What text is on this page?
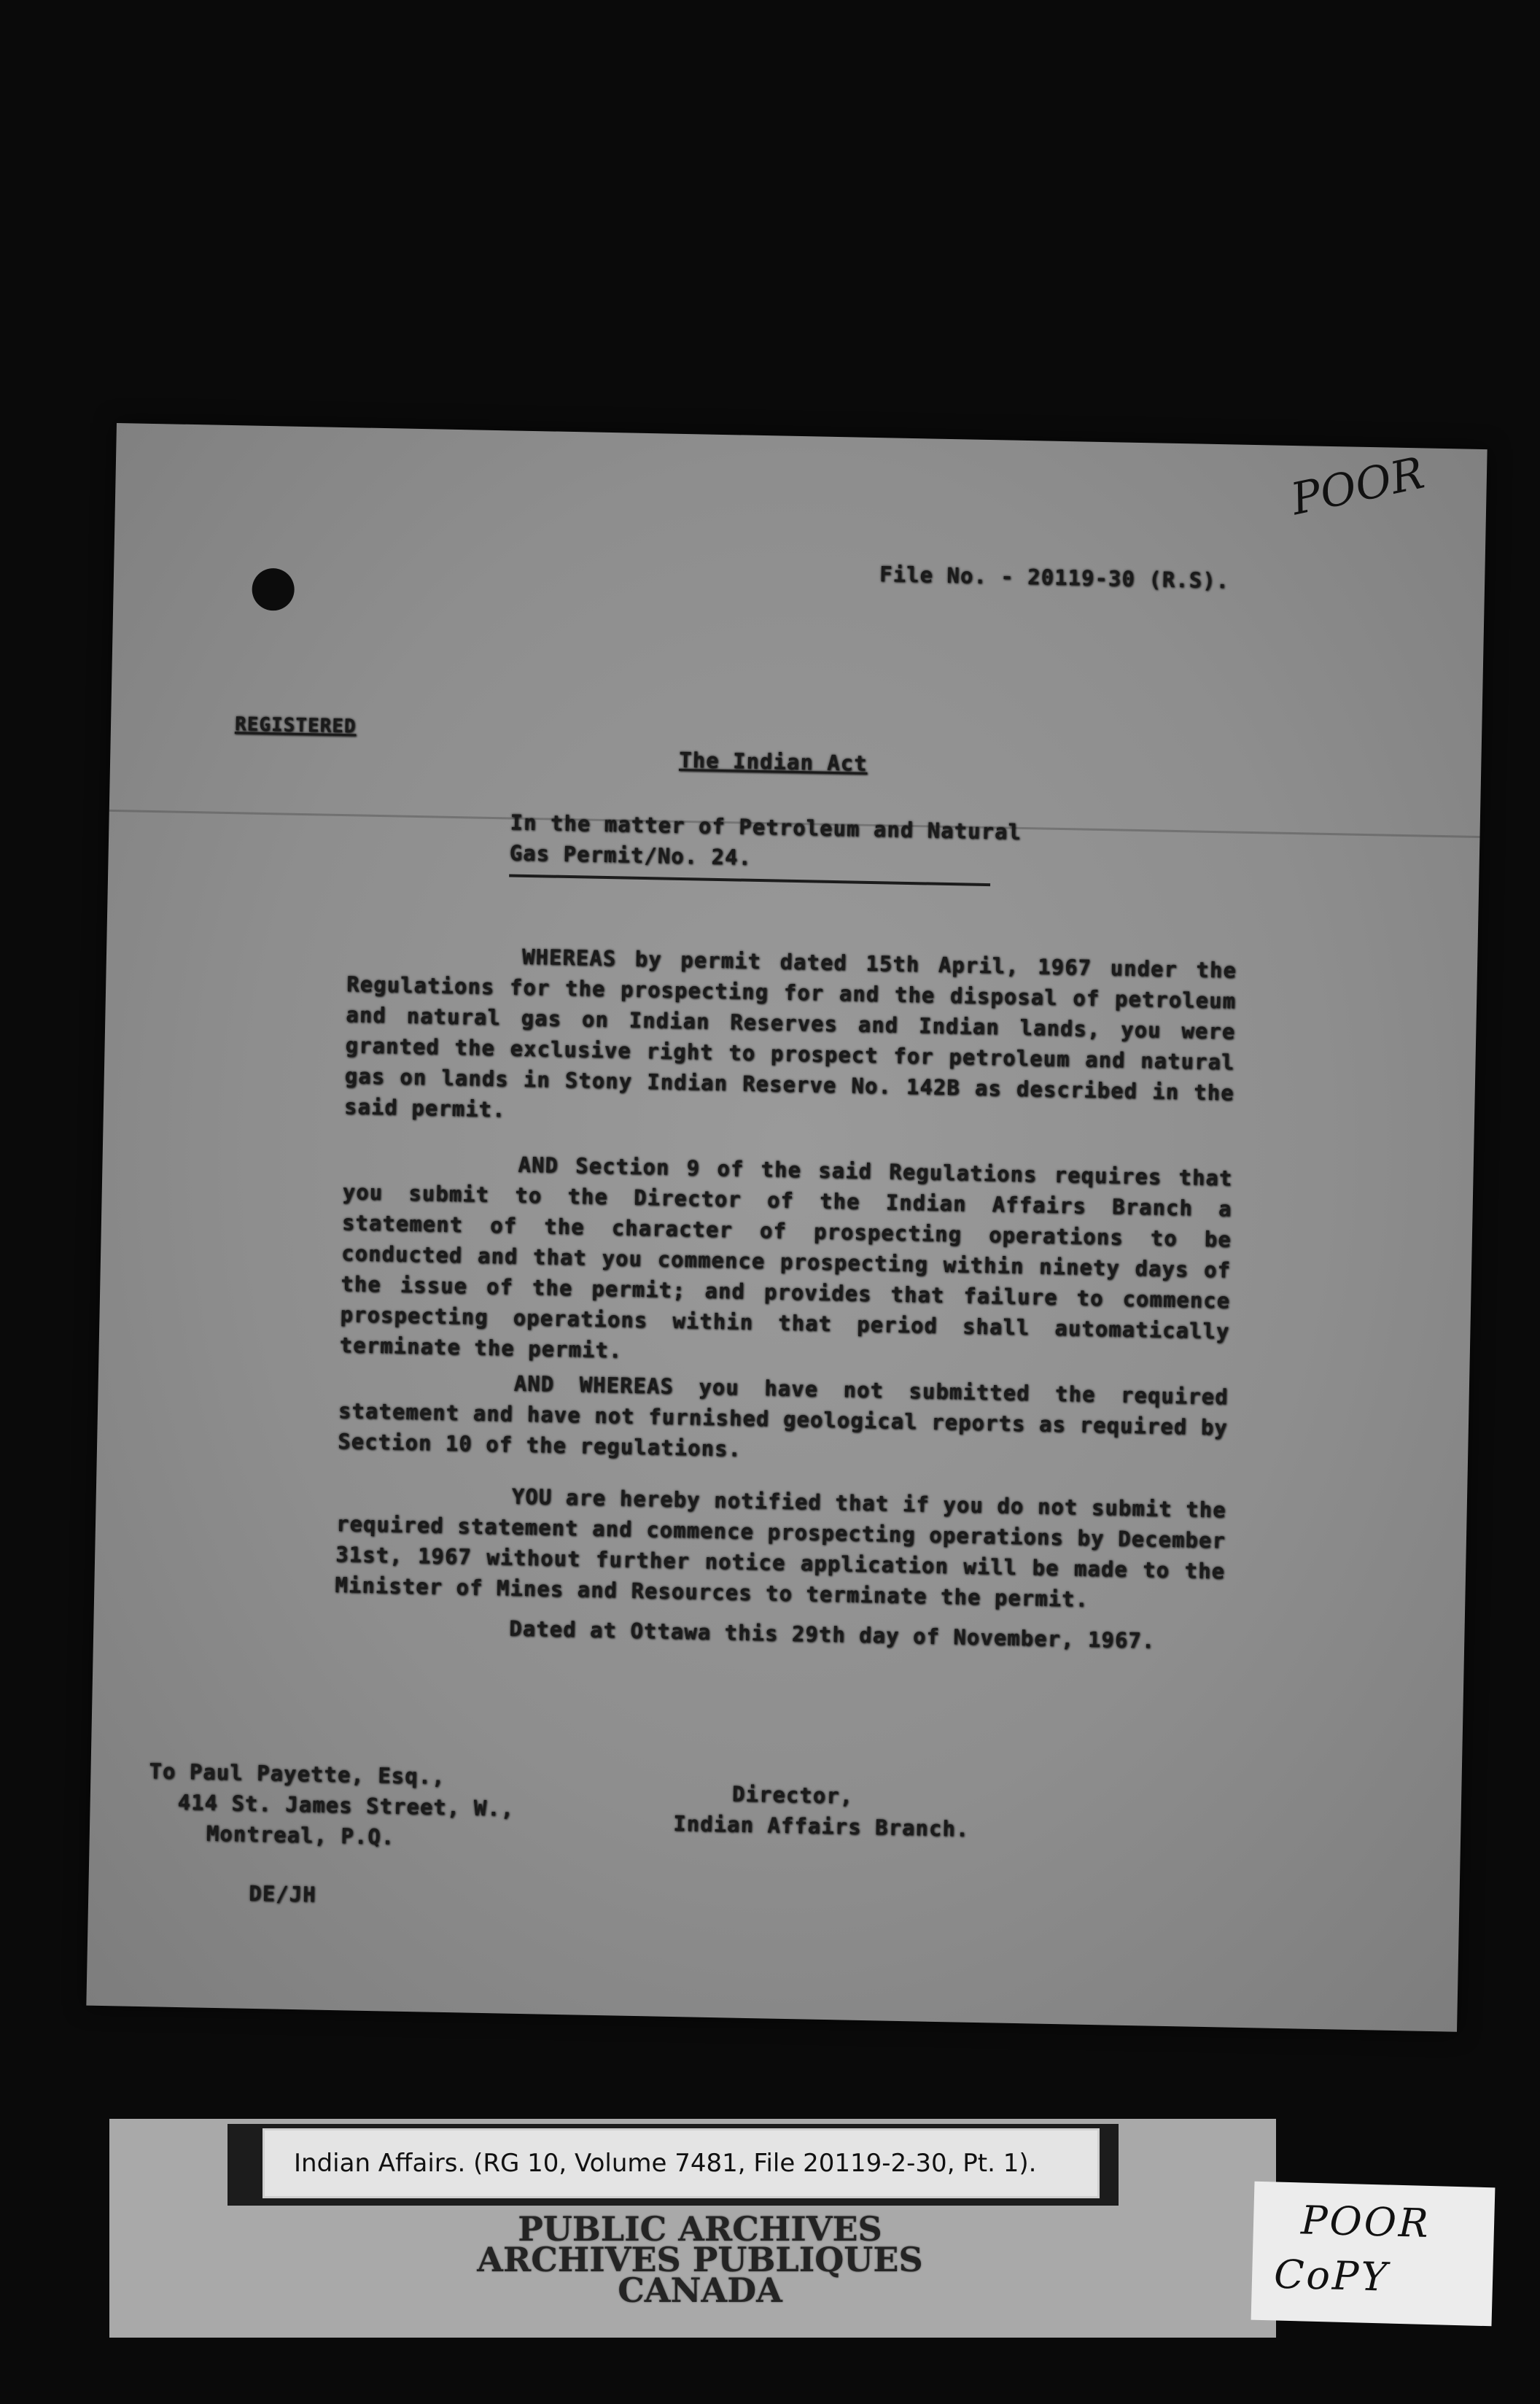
File No. - 20119-30 (R.S).
REGISTERED
The Indian Act
In the matter of Petroleum and Natural
Gas Permit/No. 24.
WHEREAS by permit dated 15th April, 1967 under the Regulations for the prospecting for and the disposal of petroleum and natural gas on Indian Reserves and Indian lands, you were granted the exclusive right to prospect for petroleum and natural gas on lands in Stony Indian Reserve No. 142B as described in the said permit.
AND Section 9 of the said Regulations requires that you submit to the Director of the Indian Affairs Branch a statement of the character of prospecting operations to be conducted and that you commence prospecting within ninety days of the issue of the permit; and provides that failure to commence prospecting operations within that period shall automatically terminate the permit.
AND WHEREAS you have not submitted the required statement and have not furnished geological reports as required by Section 10 of the regulations.
YOU are hereby notified that if you do not submit the required statement and commence prospecting operations by December 31st, 1967 without further notice application will be made to the Minister of Mines and Resources to terminate the permit.
Dated at Ottawa this 29th day of November, 1967.
To Paul Payette, Esq.,
414 St. James Street, W.,
Montreal, P.Q.
Director,
Indian Affairs Branch.
DE/JH
POOR
Indian Affairs. (RG 10, Volume 7481, File 20119-2-30, Pt. 1).
PUBLIC ARCHIVES
ARCHIVES PUBLIQUES
CANADA
POOR
CoPY
